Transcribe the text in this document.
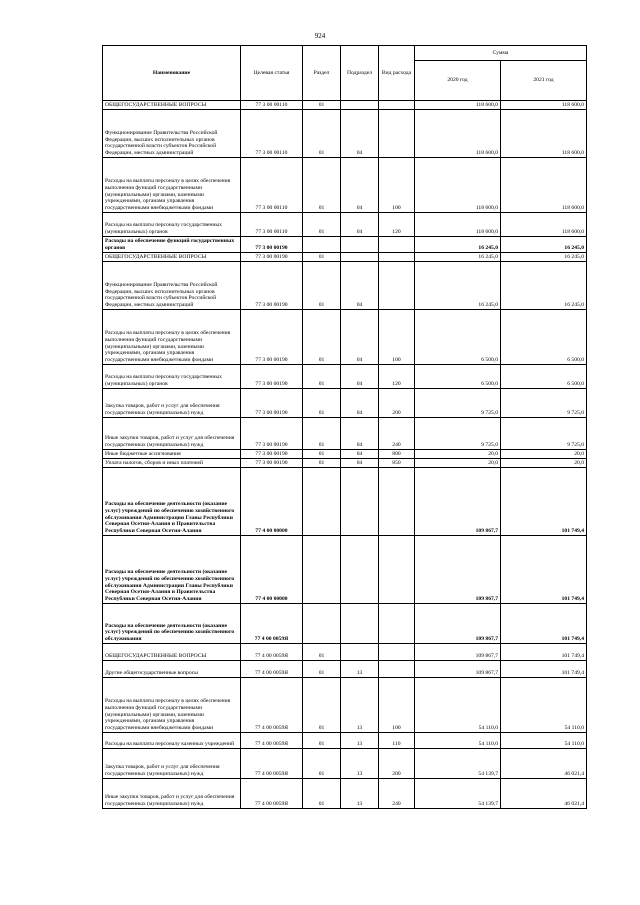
924
Наименование	Целевая статья	Раздел	Подраздел	Вид расхода	Сумма	
					2020 год	2021 год
ОБЩЕГОСУДАРСТВЕННЫЕ ВОПРОСЫ	77 3 00 00110	01			118 600,0	118 600,0
Функционирование Правительства Российской Федерации, высших исполнительных органов государственной власти субъектов Российской Федерации, местных администраций	77 3 00 00110	01	04		118 600,0	118 600,0
Расходы на выплаты персоналу в целях обеспечения выполнения функций государственными (муниципальными) органами, казенными учреждениями, органами управления государственными внебюджетными фондами	77 3 00 00110	01	04	100	118 600,0	118 600,0
Расходы на выплаты персоналу государственных (муниципальных) органов	77 3 00 00110	01	04	120	118 600,0	118 600,0
Расходы на обеспечение функций государственных органов	77 3 00 00190				16 245,0	16 245,0
ОБЩЕГОСУДАРСТВЕННЫЕ ВОПРОСЫ	77 3 00 00190	01			16 245,0	16 245,0
Функционирование Правительства Российской Федерации, высших исполнительных органов государственной власти субъектов Российской Федерации, местных администраций	77 3 00 00190	01	04		16 245,0	16 245,0
Расходы на выплаты персоналу в целях обеспечения выполнения функций государственными (муниципальными) органами, казенными учреждениями, органами управления государственными внебюджетными фондами	77 3 00 00190	01	04	100	6 500,0	6 500,0
Расходы на выплаты персоналу государственных (муниципальных) органов	77 3 00 00190	01	04	120	6 500,0	6 500,0
Закупка товаров, работ и услуг для обеспечения государственных (муниципальных) нужд	77 3 00 00190	01	04	200	9 725,0	9 725,0
Иные закупки товаров, работ и услуг для обеспечения государственных (муниципальных) нужд	77 3 00 00190	01	04	240	9 725,0	9 725,0
Иные бюджетные ассигнования	77 3 00 00190	01	04	800	20,0	20,0
Уплата налогов, сборов и иных платежей	77 3 00 00190	01	04	850	20,0	20,0
Расходы на обеспечение деятельности (оказание услуг) учреждений по обеспечению хозяйственного обслуживания Администрации Главы Республики Северная Осетия-Алания и Правительства Республики Северная Осетия-Алания	77 4 00 00000				109 867,7	101 749,4
Расходы на обеспечение деятельности (оказание услуг) учреждений по обеспечению хозяйственного обслуживания Администрации Главы Республики Северная Осетия-Алания и Правительства Республики Северная Осетия-Алания	77 4 00 00000				109 867,7	101 749,4
Расходы на обеспечение деятельности (оказание услуг) учреждений по обеспечению хозяйственного обслуживания	77 4 00 0059Я				109 867,7	101 749,4
ОБЩЕГОСУДАРСТВЕННЫЕ ВОПРОСЫ	77 4 00 0059Я	01			109 867,7	101 749,4
Другие общегосударственные вопросы	77 4 00 0059Я	01	13		109 867,7	101 749,4
Расходы на выплаты персоналу в целях обеспечения выполнения функций государственными (муниципальными) органами, казенными учреждениями, органами управления государственными внебюджетными фондами	77 4 00 0059Я	01	13	100	54 110,0	54 110,0
Расходы на выплаты персоналу казенных учреждений	77 4 00 0059Я	01	13	110	54 110,0	54 110,0
Закупка товаров, работ и услуг для обеспечения государственных (муниципальных) нужд	77 4 00 0059Я	01	13	200	54 139,7	46 021,4
Иные закупки товаров, работ и услуг для обеспечения государственных (муниципальных) нужд	77 4 00 0059Я	01	13	240	54 139,7	46 021,4
